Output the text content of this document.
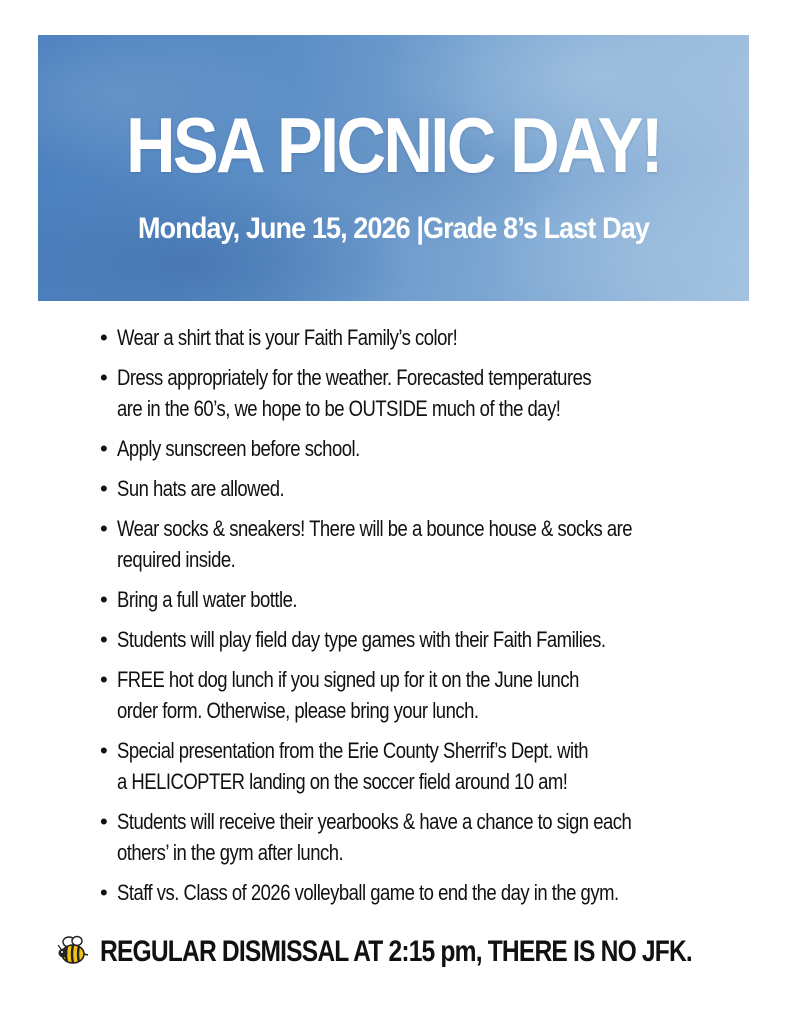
HSA PICNIC DAY!
Monday, June 15, 2026 |Grade 8’s Last Day
• Wear a shirt that is your Faith Family’s color!
• Dress appropriately for the weather. Forecasted temperatures
are in the 60’s, we hope to be OUTSIDE much of the day!
• Apply sunscreen before school.
• Sun hats are allowed.
• Wear socks & sneakers! There will be a bounce house & socks are
required inside.
• Bring a full water bottle.
• Students will play field day type games with their Faith Families.
• FREE hot dog lunch if you signed up for it on the June lunch
order form. Otherwise, please bring your lunch.
• Special presentation from the Erie County Sherrif’s Dept. with
a HELICOPTER landing on the soccer field around 10 am!
• Students will receive their yearbooks & have a chance to sign each
others’ in the gym after lunch.
• Staff vs. Class of 2026 volleyball game to end the day in the gym.
REGULAR DISMISSAL AT 2:15 pm, THERE IS NO JFK.
